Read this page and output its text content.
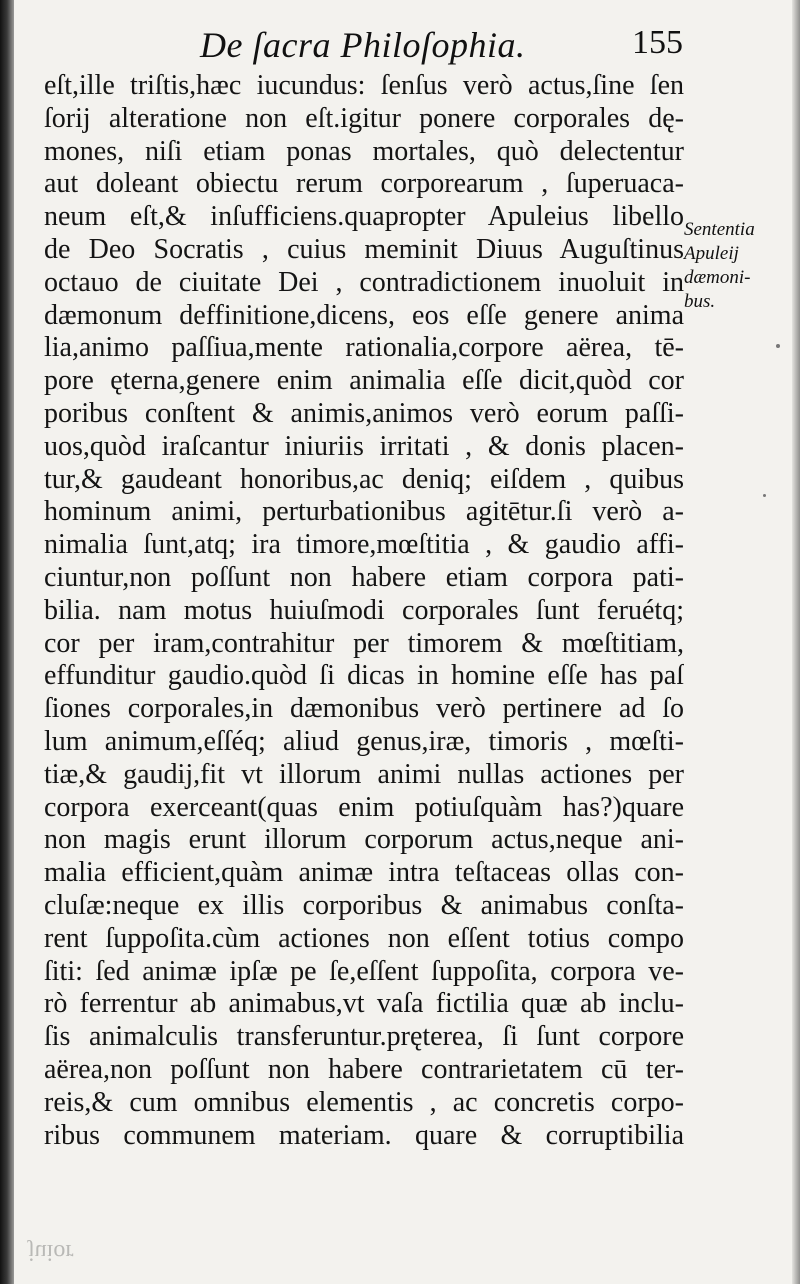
De ſacra Philoſophia.	155
eſt,ille triſtis,hæc iucundus: ſenſus verò actus,ſine ſen
ſorij alteratione non eſt.igitur ponere corporales dę-
mones, niſi etiam ponas mortales, quò delectentur
aut doleant obiectu rerum corporearum , ſuperuaca-
neum eſt,& inſufficiens.quapropter Apuleius libello
de Deo Socratis , cuius meminit Diuus Auguſtinus
octauo de ciuitate Dei , contradictionem inuoluit in
dæmonum deffinitione,dicens, eos eſſe genere anima
lia,animo paſſiua,mente rationalia,corpore aërea, tē-
pore ęterna,genere enim animalia eſſe dicit,quòd cor
poribus conſtent & animis,animos verò eorum paſſi-
uos,quòd iraſcantur iniuriis irritati , & donis placen-
tur,& gaudeant honoribus,ac deniq; eiſdem , quibus
hominum animi, perturbationibus agitētur.ſi verò a-
nimalia ſunt,atq; ira timore,mœſtitia , & gaudio affi-
ciuntur,non poſſunt non habere etiam corpora pati-
bilia. nam motus huiuſmodi corporales ſunt feruétq;
cor per iram,contrahitur per timorem & mœſtitiam,
effunditur gaudio.quòd ſi dicas in homine eſſe has paſ
ſiones corporales,in dæmonibus verò pertinere ad ſo
lum animum,eſſéq; aliud genus,iræ, timoris , mœſti-
tiæ,& gaudij,fit vt illorum animi nullas actiones per
corpora exerceant(quas enim potiuſquàm has?)quare
non magis erunt illorum corporum actus,neque ani-
malia efficient,quàm animæ intra teſtaceas ollas con-
cluſæ:neque ex illis corporibus & animabus conſta-
rent ſuppoſita.cùm actiones non eſſent totius compo
ſiti: ſed animæ ipſæ pe ſe,eſſent ſuppoſita, corpora ve-
rò ferrentur ab animabus,vt vaſa fictilia quæ ab inclu-
ſis animalculis transferuntur.pręterea, ſi ſunt corpore
aërea,non poſſunt non habere contrarietatem cū ter-
reis,& cum omnibus elementis , ac concretis corpo-
ribus communem materiam. quare & corruptibilia
Sententia
Apuleij
dæmoni-
bus.
juior
